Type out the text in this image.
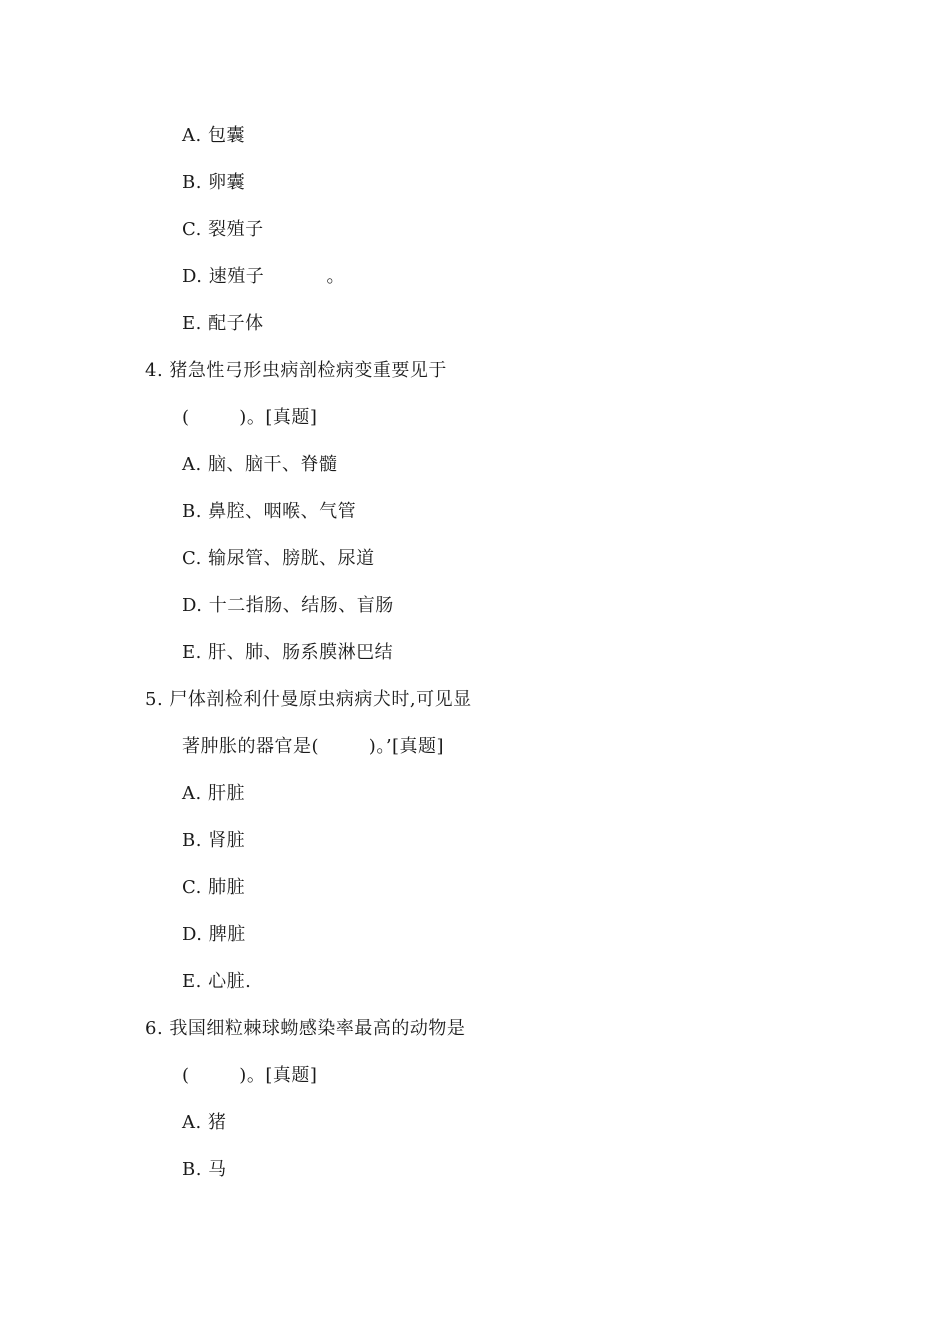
A. 包囊
B. 卵囊
C. 裂殖子
D. 速殖子          。
E. 配子体
4. 猪急性弓形虫病剖检病变重要见于
(        )。[真题]
A. 脑、脑干、脊髓
B. 鼻腔、咽喉、气管
C. 输尿管、膀胱、尿道
D. 十二指肠、结肠、盲肠
E. 肝、肺、肠系膜淋巴结
5. 尸体剖检利什曼原虫病病犬时,可见显
著肿胀的器官是(        )。’[真题]
A. 肝脏
B. 肾脏
C. 肺脏
D. 脾脏
E. 心脏.
6. 我国细粒棘球蚴感染率最高的动物是
(        )。[真题]
A. 猪
B. 马
